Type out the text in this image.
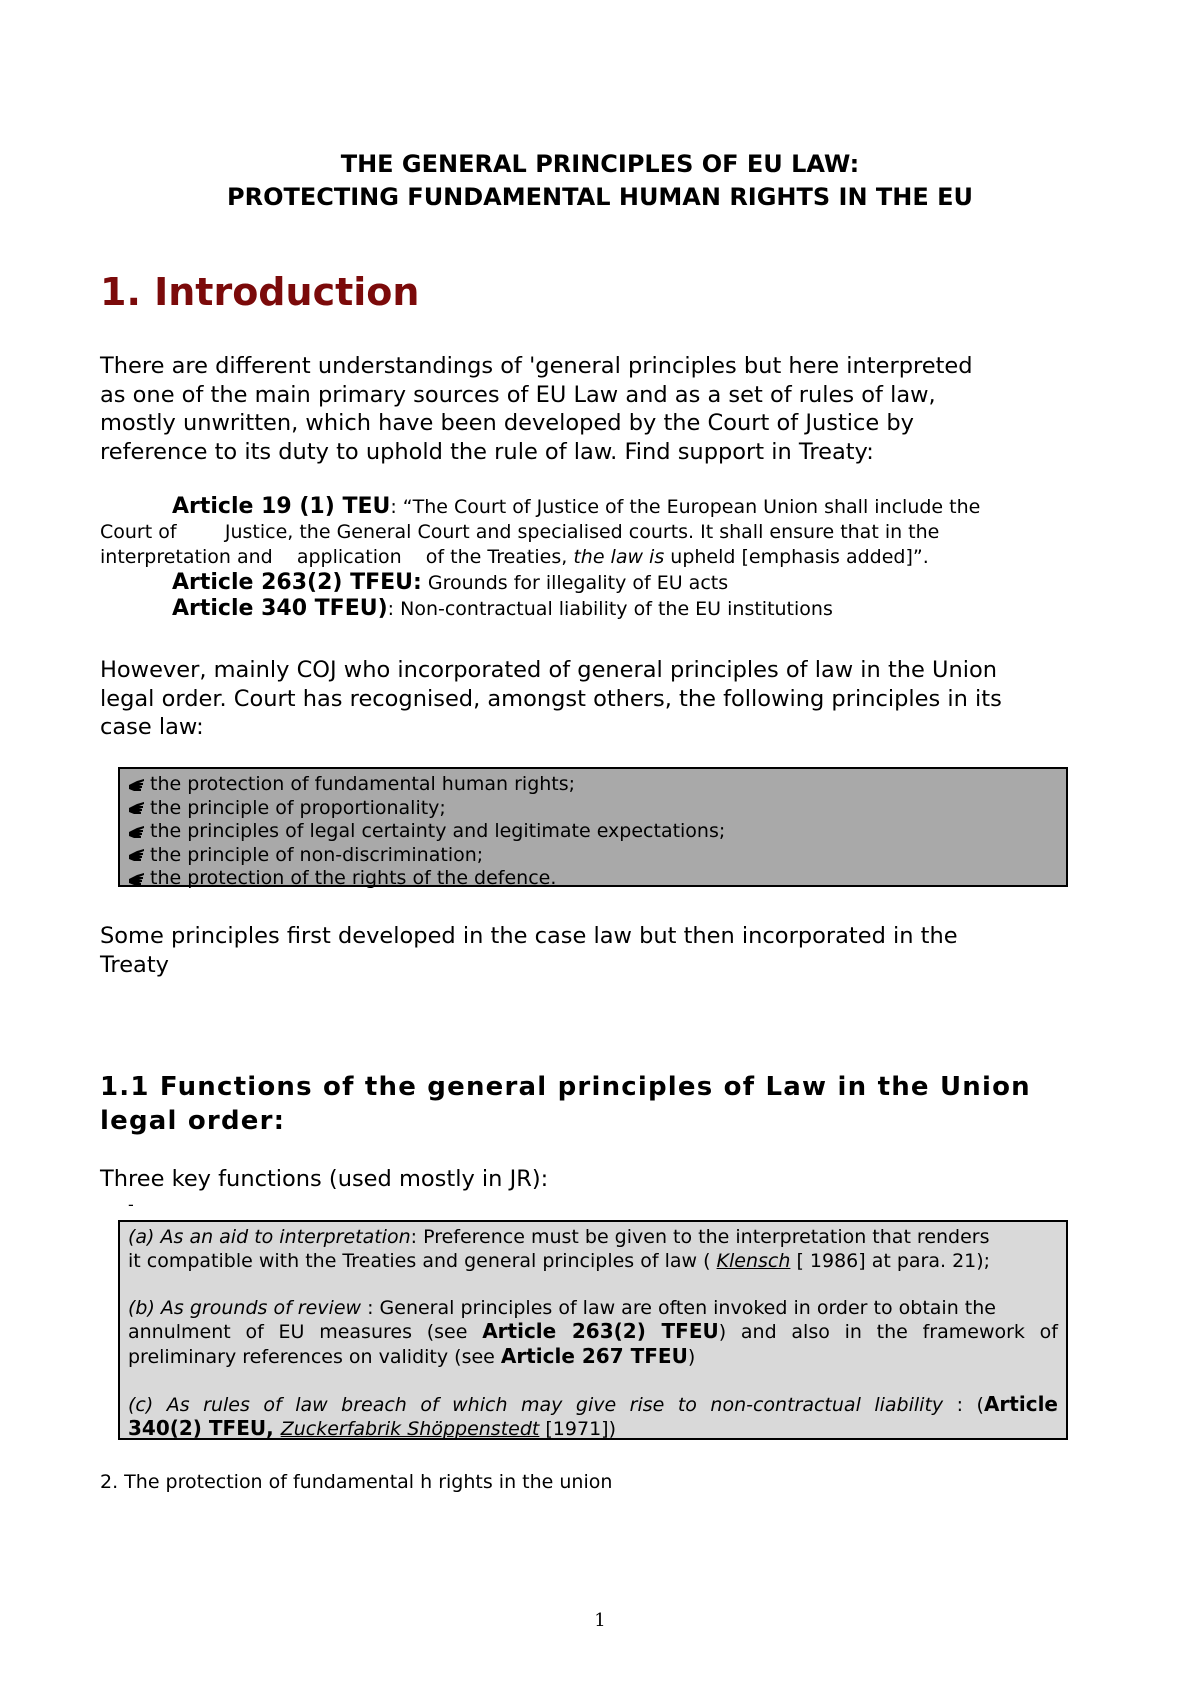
THE GENERAL PRINCIPLES OF EU LAW:
PROTECTING FUNDAMENTAL HUMAN RIGHTS IN THE EU
1. Introduction

There are different understandings of 'general principles but here interpreted
as one of the main primary sources of EU Law and as a set of rules of law,
mostly unwritten, which have been developed by the Court of Justice by
reference to its duty to uphold the rule of law. Find support in Treaty:

Article 19 (1) TEU: “The Court of Justice of the European Union shall include the
Court of        Justice, the General Court and specialised courts. It shall ensure that in the
interpretation and    application    of the Treaties, the law is upheld [emphasis added]”.
Article 263(2) TFEU: Grounds for illegality of EU acts
Article 340 TFEU): Non-contractual liability of the EU institutions

However, mainly COJ who incorporated of general principles of law in the Union
legal order. Court has recognised, amongst others, the following principles in its
case law:

the protection of fundamental human rights;
the principle of proportionality;
the principles of legal certainty and legitimate expectations;
the principle of non-discrimination;
the protection of the rights of the defence.

Some principles first developed in the case law but then incorporated in the
Treaty

1.1 Functions of the general principles of Law in the Union
legal order:

Three key functions (used mostly in JR):

-
(a) As an aid to interpretation: Preference must be given to the interpretation that renders
it compatible with the Treaties and general principles of law ( Klensch [ 1986] at para. 21);
(b) As grounds of review : General principles of law are often invoked in order to obtain the
annulment of EU measures (see Article 263(2) TFEU) and also in the framework of
preliminary references on validity (see Article 267 TFEU)
(c) As rules of law breach of which may give rise to non-contractual liability : (Article
340(2) TFEU, Zuckerfabrik Shöppenstedt [1971])
2. The protection of fundamental h rights in the union
1
